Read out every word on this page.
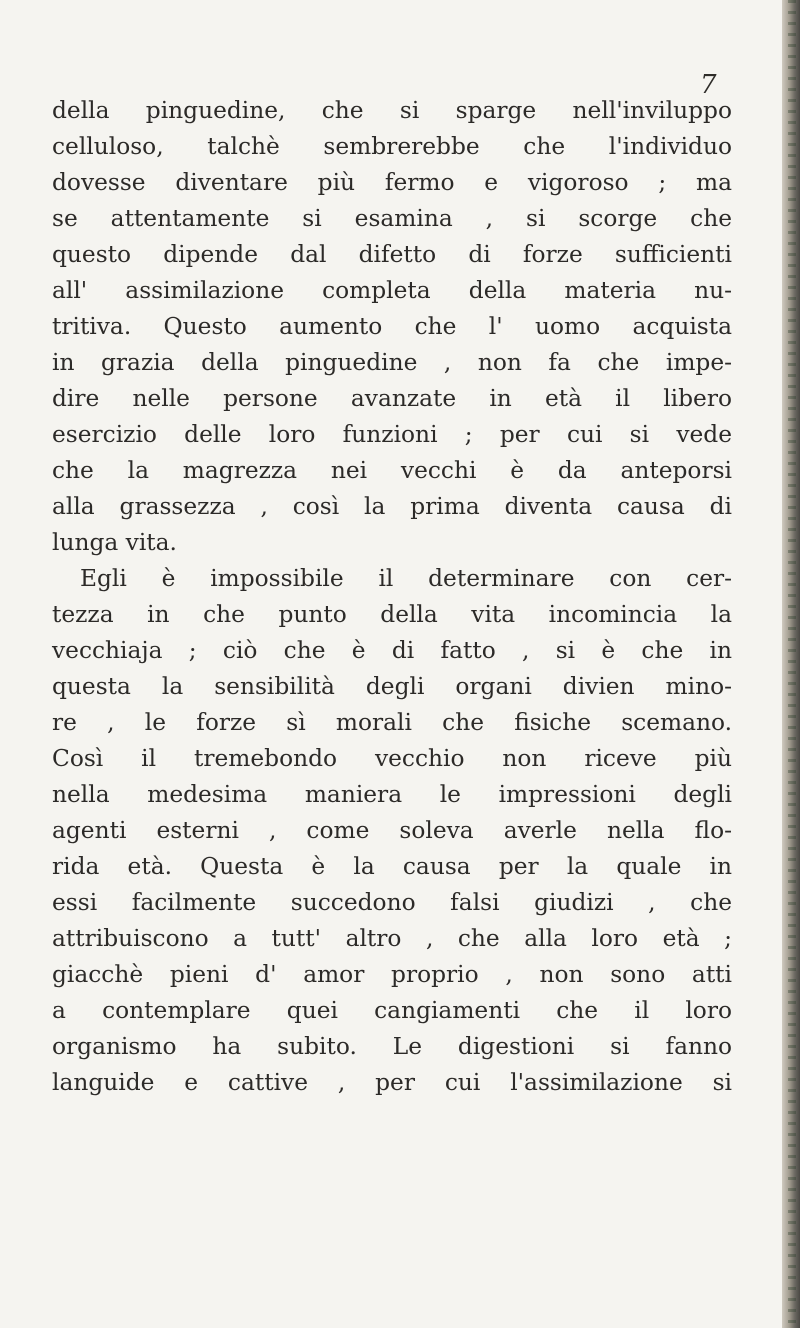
7
della pinguedine, che si sparge nell'inviluppo
celluloso, talchè sembrerebbe che l'individuo
dovesse diventare più fermo e vigoroso ; ma
se attentamente si esamina , si scorge che
questo dipende dal difetto di forze sufficienti
all' assimilazione completa della materia nu-
tritiva. Questo aumento che l' uomo acquista
in grazia della pinguedine , non fa che impe-
dire nelle persone avanzate in età il libero
esercizio delle loro funzioni ; per cui si vede
che la magrezza nei vecchi è da anteporsi
alla grassezza , così la prima diventa causa di
lunga vita.
Egli è impossibile il determinare con cer-
tezza in che punto della vita incomincia la
vecchiaja ; ciò che è di fatto , si è che in
questa la sensibilità degli organi divien mino-
re , le forze sì morali che fisiche scemano.
Così il tremebondo vecchio non riceve più
nella medesima maniera le impressioni degli
agenti esterni , come soleva averle nella flo-
rida età. Questa è la causa per la quale in
essi facilmente succedono falsi giudizi , che
attribuiscono a tutt' altro , che alla loro età ;
giacchè pieni d' amor proprio , non sono atti
a contemplare quei cangiamenti che il loro
organismo ha subito. Le digestioni si fanno
languide e cattive , per cui l'assimilazione si
